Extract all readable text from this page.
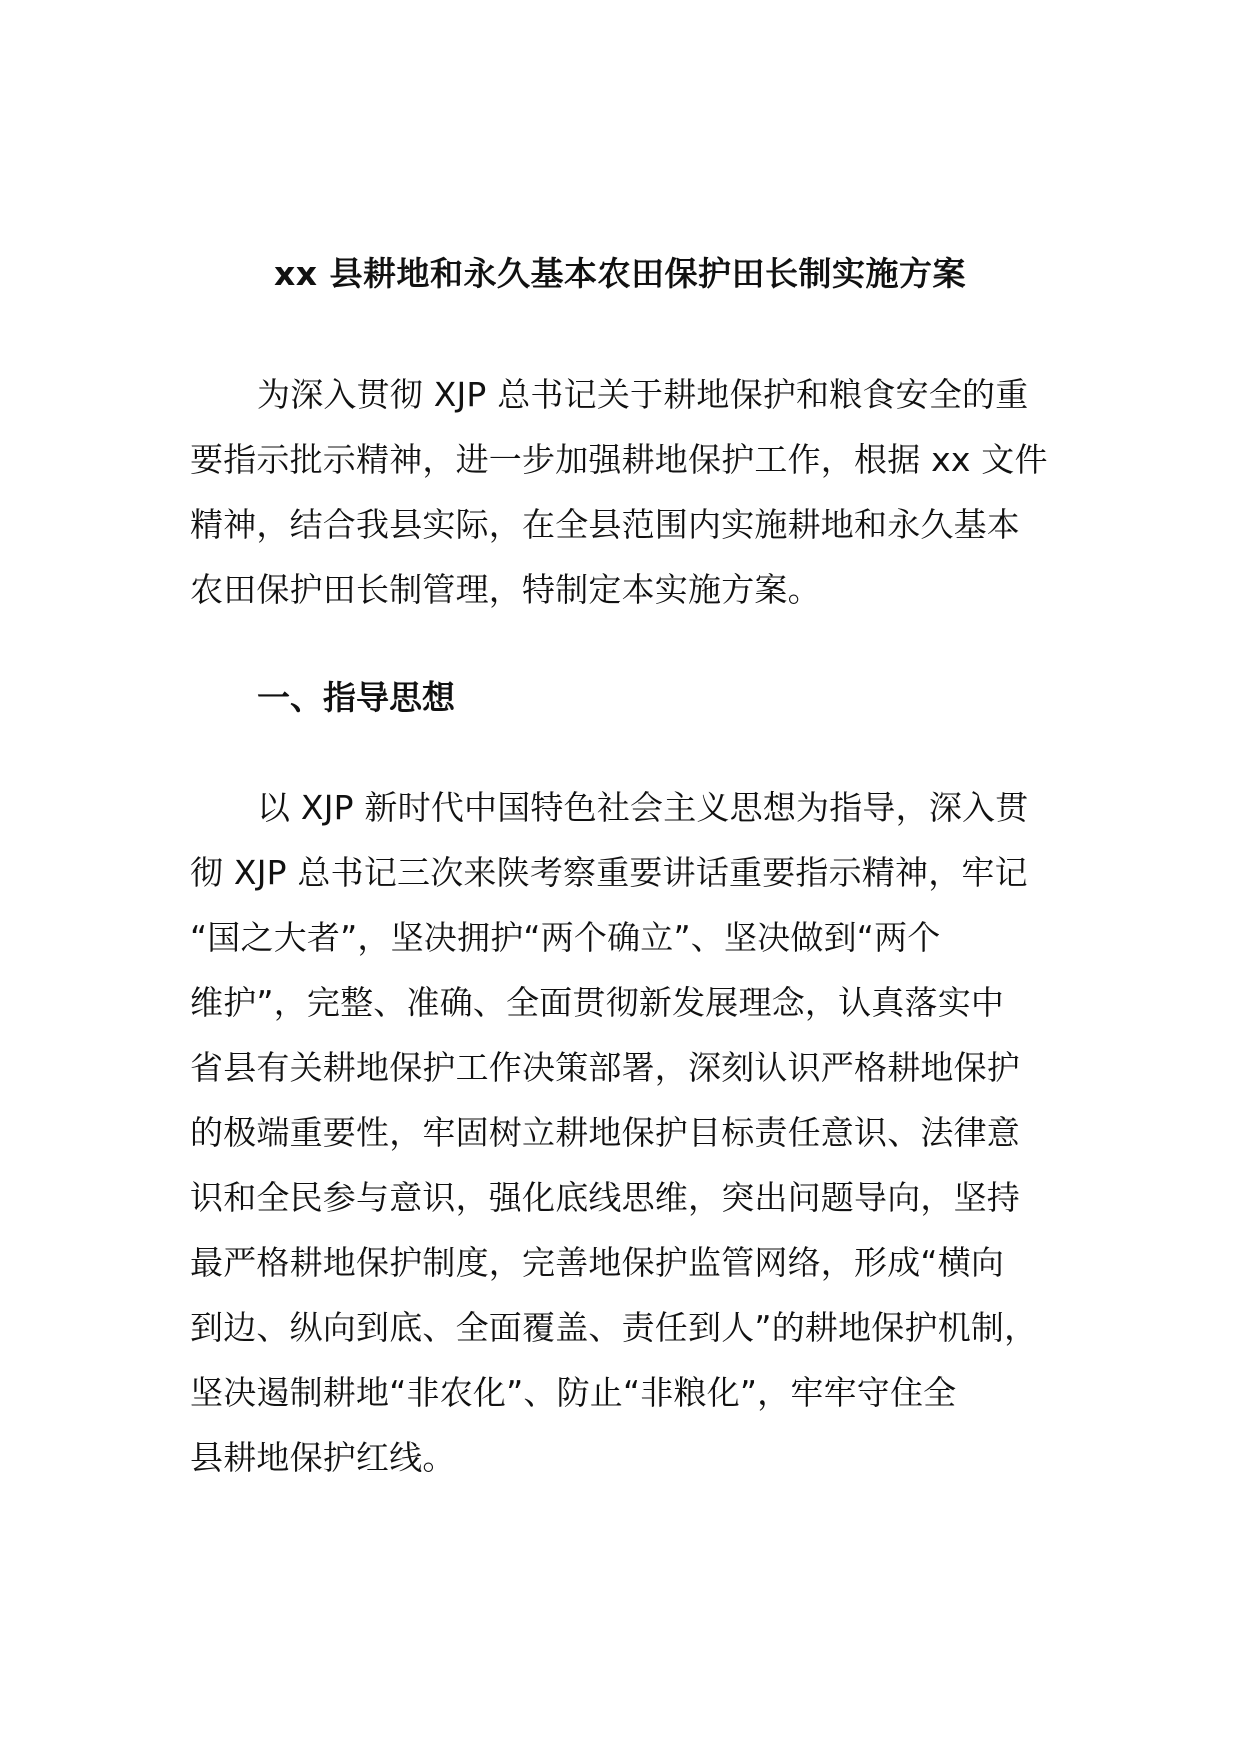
xx 县耕地和永久基本农田保护田长制实施方案
为深入贯彻 XJP 总书记关于耕地保护和粮食安全的重
要指示批示精神，进一步加强耕地保护工作，根据 xx 文件
精神，结合我县实际，在全县范围内实施耕地和永久基本
农田保护田长制管理，特制定本实施方案。
一、指导思想
以 XJP 新时代中国特色社会主义思想为指导，深入贯
彻 XJP 总书记三次来陕考察重要讲话重要指示精神，牢记
“国之大者”，坚决拥护“两个确立”、坚决做到“两个
维护”，完整、准确、全面贯彻新发展理念，认真落实中
省县有关耕地保护工作决策部署，深刻认识严格耕地保护
的极端重要性，牢固树立耕地保护目标责任意识、法律意
识和全民参与意识，强化底线思维，突出问题导向，坚持
最严格耕地保护制度，完善地保护监管网络，形成“横向
到边、纵向到底、全面覆盖、责任到人”的耕地保护机制，
坚决遏制耕地“非农化”、防止“非粮化”，牢牢守住全
县耕地保护红线。
